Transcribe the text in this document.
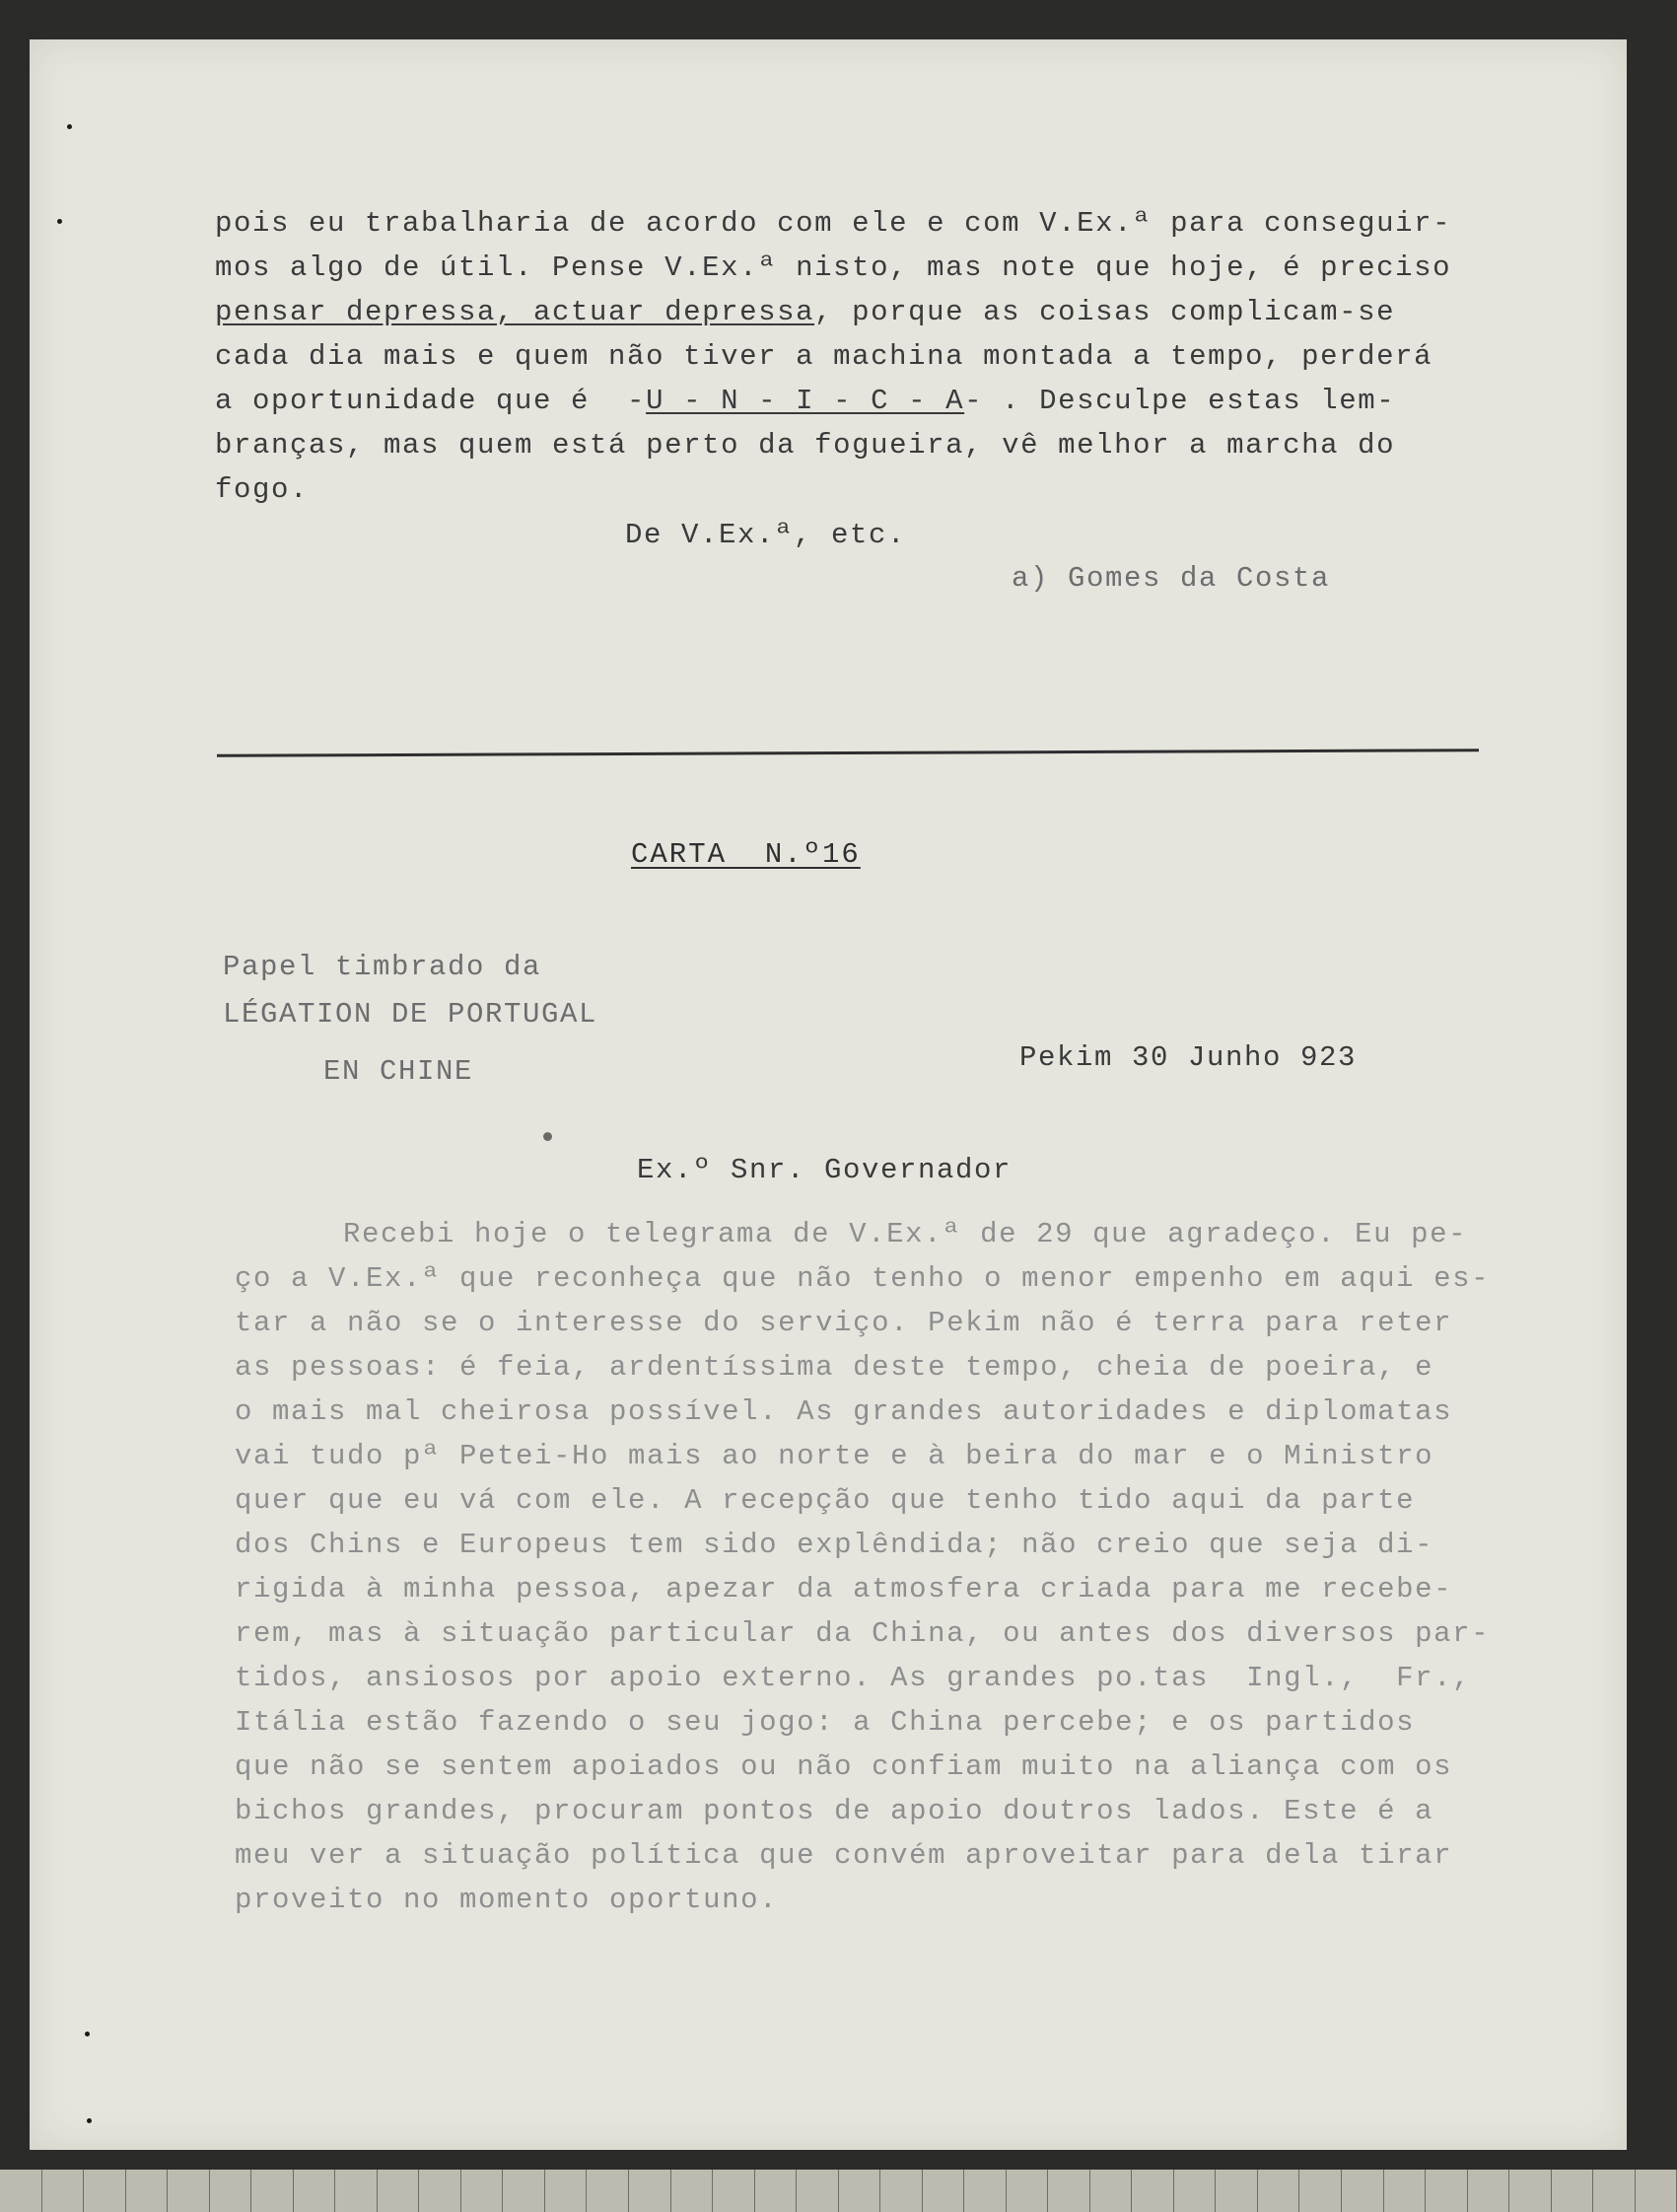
pois eu trabalharia de acordo com ele e com V.Ex.ª para conseguir-

mos algo de útil. Pense V.Ex.ª nisto, mas note que hoje, é preciso

pensar depressa, actuar depressa, porque as coisas complicam-se

cada dia mais e quem não tiver a machina montada a tempo, perderá

a oportunidade que é  -U - N - I - C - A- . Desculpe estas lem-

branças, mas quem está perto da fogueira, vê melhor a marcha do

fogo.

De V.Ex.ª, etc.

a) Gomes da Costa

CARTA  N.º16

Papel timbrado da

LÉGATION DE PORTUGAL

EN CHINE	Pekim 30 Junho 923

Ex.º Snr. Governador

Recebi hoje o telegrama de V.Ex.ª de 29 que agradeço. Eu pe-

ço a V.Ex.ª que reconheça que não tenho o menor empenho em aqui es-

tar a não se o interesse do serviço. Pekim não é terra para reter

as pessoas: é feia, ardentíssima deste tempo, cheia de poeira, e

o mais mal cheirosa possível. As grandes autoridades e diplomatas

vai tudo pª Petei-Ho mais ao norte e à beira do mar e o Ministro

quer que eu vá com ele. A recepção que tenho tido aqui da parte

dos Chins e Europeus tem sido explêndida; não creio que seja di-

rigida à minha pessoa, apezar da atmosfera criada para me recebe-

rem, mas à situação particular da China, ou antes dos diversos par-

tidos, ansiosos por apoio externo. As grandes po.tas  Ingl.,  Fr.,

Itália estão fazendo o seu jogo: a China percebe; e os partidos

que não se sentem apoiados ou não confiam muito na aliança com os

bichos grandes, procuram pontos de apoio doutros lados. Este é a

meu ver a situação política que convém aproveitar para dela tirar

proveito no momento oportuno.
